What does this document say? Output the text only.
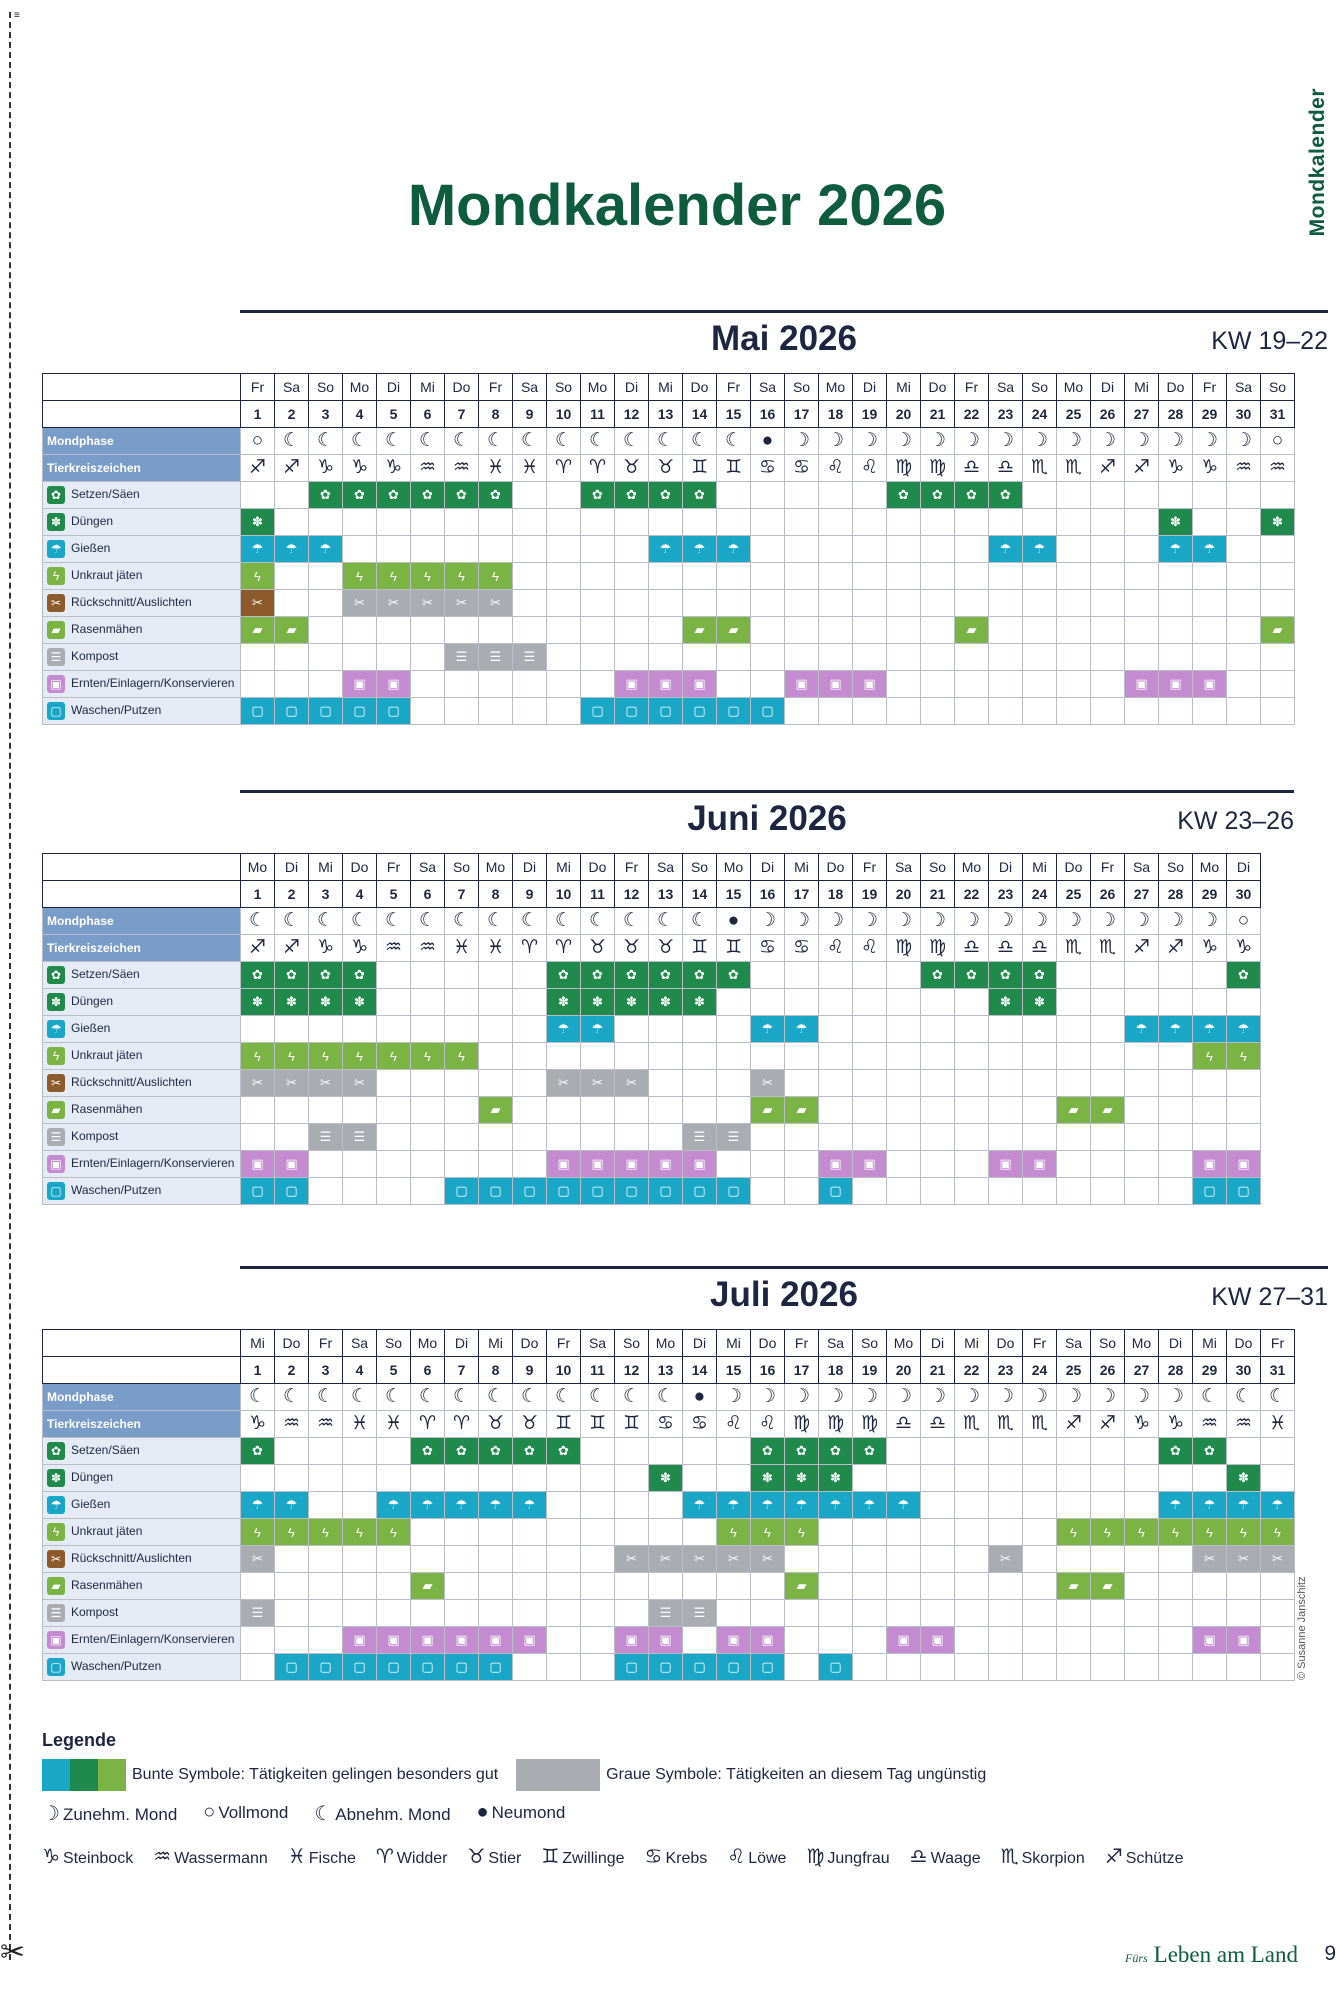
≡
✂
Mondkalender
Mondkalender 2026
Mai 2026	KW 19–22
	Fr	Sa	So	Mo	Di	Mi	Do	Fr	Sa	So	Mo	Di	Mi	Do	Fr	Sa	So	Mo	Di	Mi	Do	Fr	Sa	So	Mo	Di	Mi	Do	Fr	Sa	So
	1	2	3	4	5	6	7	8	9	10	11	12	13	14	15	16	17	18	19	20	21	22	23	24	25	26	27	28	29	30	31
Mondphase	○	☾	☾	☾	☾	☾	☾	☾	☾	☾	☾	☾	☾	☾	☾	●	☽	☽	☽	☽	☽	☽	☽	☽	☽	☽	☽	☽	☽	☽	○
Tierkreiszeichen	♐	♐	♑	♑	♑	♒	♒	♓	♓	♈	♈	♉	♉	♊	♊	♋	♋	♌	♌	♍	♍	♎	♎	♏	♏	♐	♐	♑	♑	♒	♒
✿ Setzen/Säen			✿	✿	✿	✿	✿	✿			✿	✿	✿	✿						✿	✿	✿	✿								
✽ Düngen	✽																											✽			✽
☂ Gießen	☂	☂	☂										☂	☂	☂								☂	☂				☂	☂		
ϟ Unkraut jäten	ϟ			ϟ	ϟ	ϟ	ϟ	ϟ																							
✂ Rückschnitt/Auslichten	✂			✂	✂	✂	✂	✂																							
▰ Rasenmähen	▰	▰												▰	▰							▰									▰
☰ Kompost							☰	☰	☰																						
▣ Ernten/Einlagern/Konservieren				▣	▣							▣	▣	▣			▣	▣	▣								▣	▣	▣		
▢ Waschen/Putzen	▢	▢	▢	▢	▢						▢	▢	▢	▢	▢	▢															
Juni 2026	KW 23–26
	Mo	Di	Mi	Do	Fr	Sa	So	Mo	Di	Mi	Do	Fr	Sa	So	Mo	Di	Mi	Do	Fr	Sa	So	Mo	Di	Mi	Do	Fr	Sa	So	Mo	Di
	1	2	3	4	5	6	7	8	9	10	11	12	13	14	15	16	17	18	19	20	21	22	23	24	25	26	27	28	29	30
Mondphase	☾	☾	☾	☾	☾	☾	☾	☾	☾	☾	☾	☾	☾	☾	●	☽	☽	☽	☽	☽	☽	☽	☽	☽	☽	☽	☽	☽	☽	○
Tierkreiszeichen	♐	♐	♑	♑	♒	♒	♓	♓	♈	♈	♉	♉	♉	♊	♊	♋	♋	♌	♌	♍	♍	♎	♎	♎	♏	♏	♐	♐	♑	♑
✿ Setzen/Säen	✿	✿	✿	✿						✿	✿	✿	✿	✿	✿						✿	✿	✿	✿						✿
✽ Düngen	✽	✽	✽	✽						✽	✽	✽	✽	✽									✽	✽						
☂ Gießen										☂	☂					☂	☂										☂	☂	☂	☂
ϟ Unkraut jäten	ϟ	ϟ	ϟ	ϟ	ϟ	ϟ	ϟ																						ϟ	ϟ
✂ Rückschnitt/Auslichten	✂	✂	✂	✂						✂	✂	✂				✂														
▰ Rasenmähen								▰								▰	▰								▰	▰				
☰ Kompost			☰	☰										☰	☰															
▣ Ernten/Einlagern/Konservieren	▣	▣								▣	▣	▣	▣	▣				▣	▣				▣	▣					▣	▣
▢ Waschen/Putzen	▢	▢					▢	▢	▢	▢	▢	▢	▢	▢	▢			▢											▢	▢
Juli 2026	KW 27–31
	Mi	Do	Fr	Sa	So	Mo	Di	Mi	Do	Fr	Sa	So	Mo	Di	Mi	Do	Fr	Sa	So	Mo	Di	Mi	Do	Fr	Sa	So	Mo	Di	Mi	Do	Fr
	1	2	3	4	5	6	7	8	9	10	11	12	13	14	15	16	17	18	19	20	21	22	23	24	25	26	27	28	29	30	31
Mondphase	☾	☾	☾	☾	☾	☾	☾	☾	☾	☾	☾	☾	☾	●	☽	☽	☽	☽	☽	☽	☽	☽	☽	☽	☽	☽	☽	☽	☾	☾	☾
Tierkreiszeichen	♑	♒	♒	♓	♓	♈	♈	♉	♉	♊	♊	♊	♋	♋	♌	♌	♍	♍	♍	♎	♎	♏	♏	♏	♐	♐	♑	♑	♒	♒	♓
✿ Setzen/Säen	✿					✿	✿	✿	✿	✿						✿	✿	✿	✿									✿	✿		
✽ Düngen													✽			✽	✽	✽												✽	
☂ Gießen	☂	☂			☂	☂	☂	☂	☂					☂	☂	☂	☂	☂	☂	☂								☂	☂	☂	☂
ϟ Unkraut jäten	ϟ	ϟ	ϟ	ϟ	ϟ										ϟ	ϟ	ϟ								ϟ	ϟ	ϟ	ϟ	ϟ	ϟ	ϟ
✂ Rückschnitt/Auslichten	✂											✂	✂	✂	✂	✂							✂						✂	✂	✂
▰ Rasenmähen						▰											▰								▰	▰					
☰ Kompost	☰												☰	☰																	
▣ Ernten/Einlagern/Konservieren				▣	▣	▣	▣	▣	▣			▣	▣		▣	▣				▣	▣								▣	▣	
▢ Waschen/Putzen		▢	▢	▢	▢	▢	▢	▢				▢	▢	▢	▢	▢		▢														© Susanne Janschitz
Legende
Bunte Symbole: Tätigkeiten gelingen besonders gut	Graue Symbole: Tätigkeiten an diesem Tag ungünstig
☽ Zunehm. Mond ○ Vollmond ☾ Abnehm. Mond ● Neumond
♑ Steinbock ♒ Wassermann ♓ Fische ♈ Widder ♉ Stier ♊ Zwillinge ♋ Krebs ♌ Löwe ♍ Jungfrau ♎ Waage ♏ Skorpion ♐ Schütze
Fürs Leben am Land 9
